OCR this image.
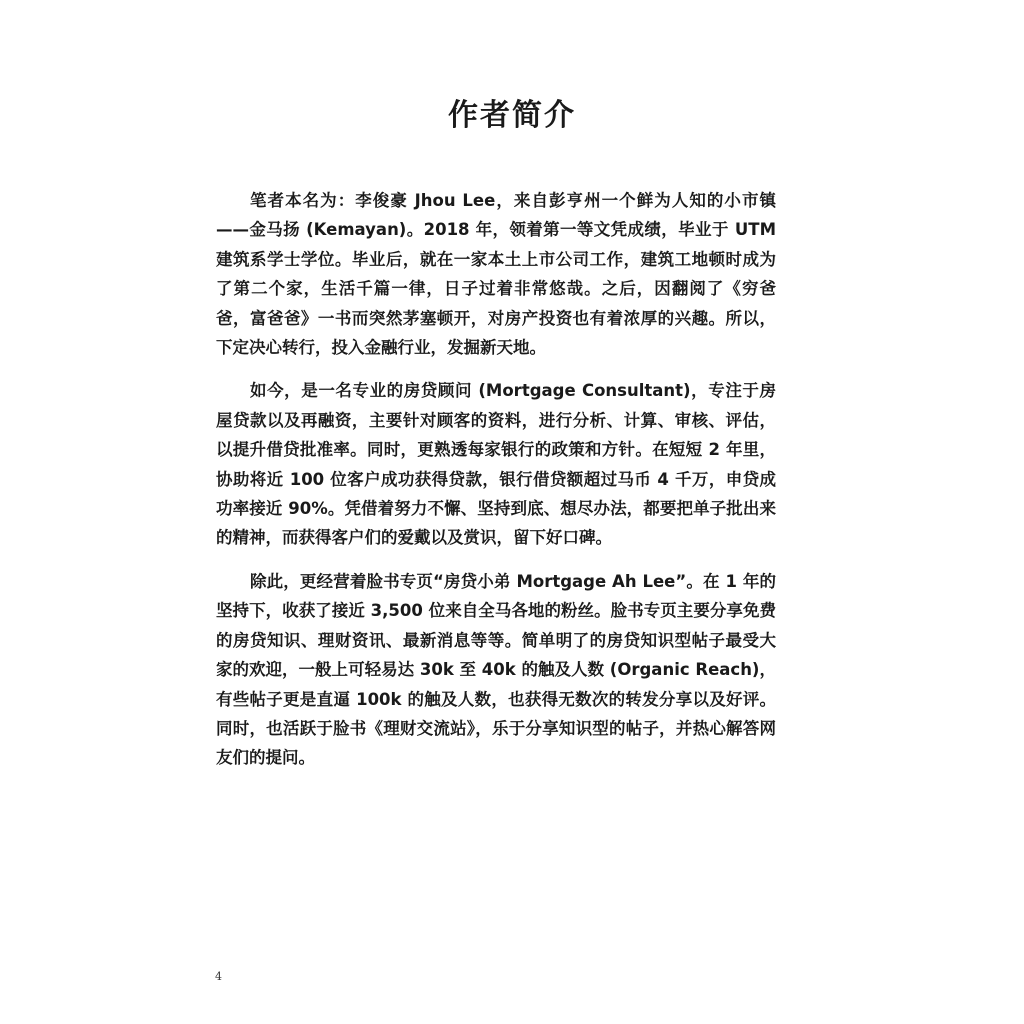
作者简介

笔者本名为：李俊豪 Jhou Lee，来自彭亨州一个鲜为人知的小市镇——金马扬 (Kemayan)。2018 年，领着第一等文凭成绩，毕业于 UTM 建筑系学士学位。毕业后，就在一家本土上市公司工作，建筑工地顿时成为了第二个家，生活千篇一律，日子过着非常悠哉。之后，因翻阅了《穷爸爸，富爸爸》一书而突然茅塞顿开，对房产投资也有着浓厚的兴趣。所以，下定决心转行，投入金融行业，发掘新天地。

如今，是一名专业的房贷顾问 (Mortgage Consultant)，专注于房屋贷款以及再融资，主要针对顾客的资料，进行分析、计算、审核、评估，以提升借贷批准率。同时，更熟透每家银行的政策和方针。在短短 2 年里，协助将近 100 位客户成功获得贷款，银行借贷额超过马币 4 千万，申贷成功率接近 90%。凭借着努力不懈、坚持到底、想尽办法，都要把单子批出来的精神，而获得客户们的爱戴以及赏识，留下好口碑。

除此，更经营着脸书专页“房贷小弟 Mortgage Ah Lee”。在 1 年的坚持下，收获了接近 3,500 位来自全马各地的粉丝。脸书专页主要分享免费的房贷知识、理财资讯、最新消息等等。简单明了的房贷知识型帖子最受大家的欢迎，一般上可轻易达 30k 至 40k 的触及人数 (Organic Reach)，有些帖子更是直逼 100k 的触及人数，也获得无数次的转发分享以及好评。同时，也活跃于脸书《理财交流站》，乐于分享知识型的帖子，并热心解答网友们的提问。

4
